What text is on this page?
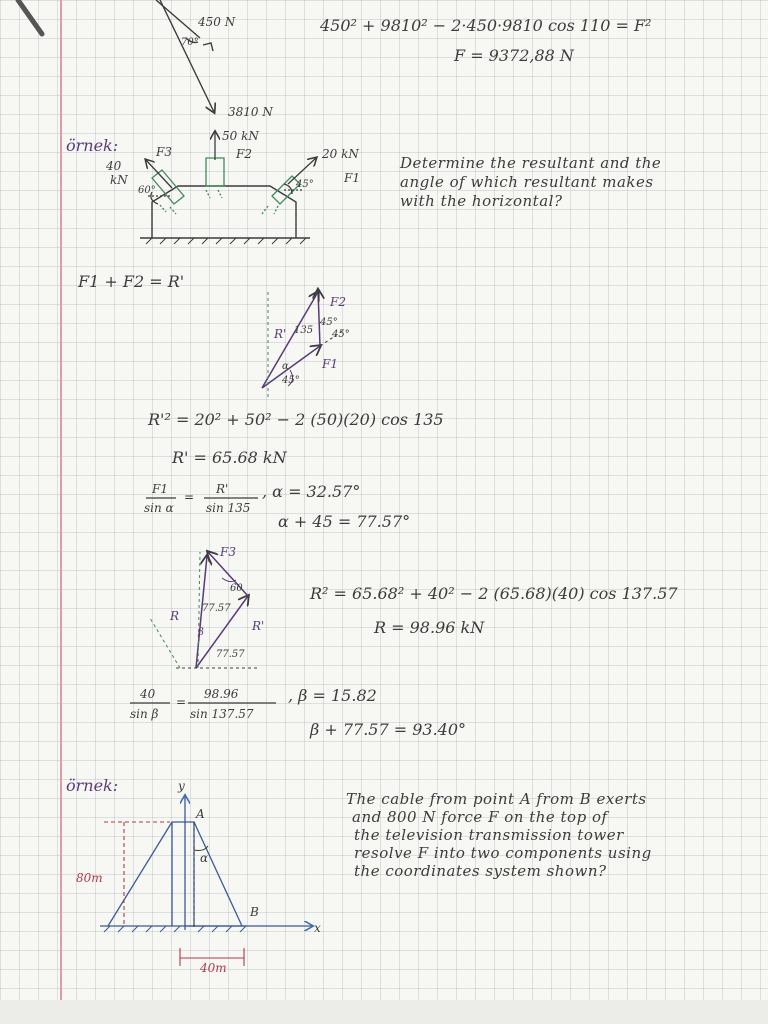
450 N
70°
3810 N
450² + 9810² − 2·450·9810 cos 110 = F²
F = 9372,88 N
örnek:	F3
40
kN
60°
50 kN
F2	20 kN
F1
45°
Determine the resultant and the
angle of which resultant makes
with the horizontal?
F1 + F2 = R'
F2
R' 135
45°
45°
α
45°
F1
R'² = 20² + 50² − 2 (50)(20) cos 135
R' = 65.68 kN
F1
sin α
=
R'
sin 135
, α = 32.57°
α + 45 = 77.57°
F3
R
R'
60
77.57
β
77.57
R² = 65.68² + 40² − 2 (65.68)(40) cos 137.57
R = 98.96 kN
40
sin β
=
98.96
sin 137.57
, β = 15.82
β + 77.57 = 93.40°
örnek:	y
x
A
B
α
80m
40m
The cable from point A from B exerts
and 800 N force F on the top of
the television transmission tower
resolve F into two components using
the coordinates system shown?
